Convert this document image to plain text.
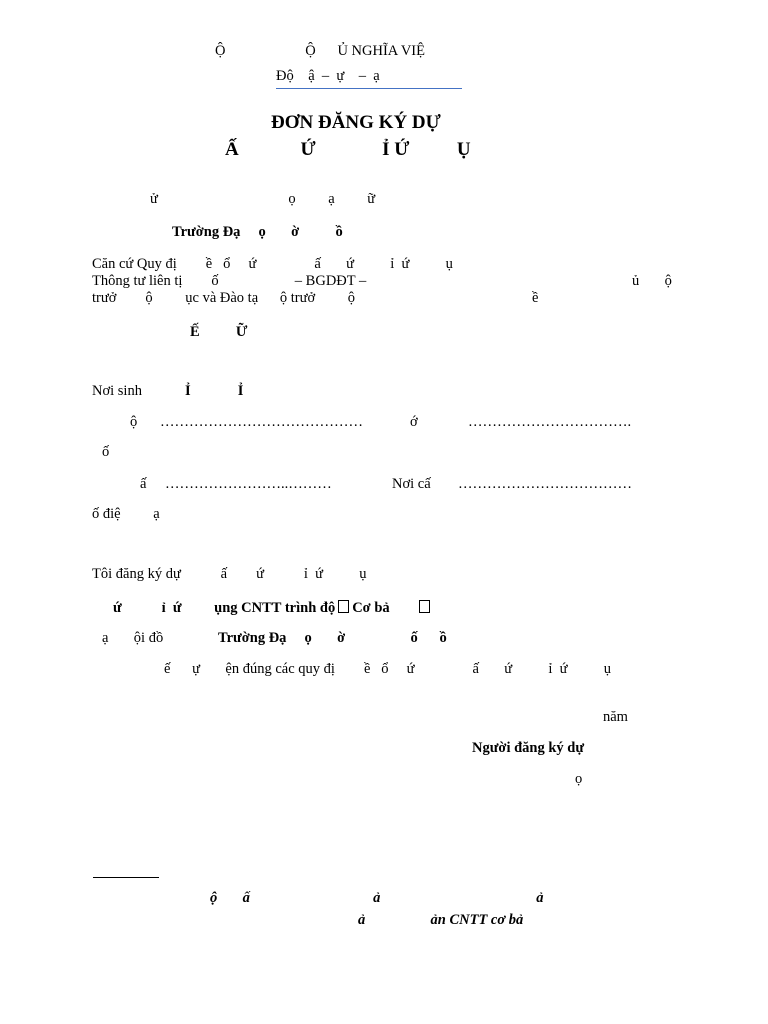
Ộ                      Ộ      Ủ NGHĨA VIỆ
Độ    ậ  –  ự    –  ạ
ĐƠN ĐĂNG KÝ DỰ
Ấ             Ứ              Ỉ Ứ          Ụ
ử                                    ọ         ạ         ữ
Trường Đạ     ọ       ờ          ồ
Căn cứ Quy đị        ề   ổ     ứ                ấ       ứ          ỉ  ứ          ụ
Thông tư liên tị        ố                     – BGDĐT –	ủ       ộ
trưở        ộ         ục và Đào tạ      ộ trưở         ộ	ề
Ế          Ữ
Nơi sinh	Ỉ             Ỉ
ộ ……………………………………	ớ	…………………………….
ố
ấ ……………………..………	Nơi cấ ………………………………
ố điệ         ạ
Tôi đăng ký dự           ấ        ứ           ỉ  ứ          ụ
ứ           ỉ  ứ         ụng CNTT trình độ Cơ bả
ạ       ội đồ	Trường Đạ     ọ       ờ                  ố      ồ
ế      ự       ện đúng các quy đị        ề   ổ     ứ                ấ       ứ          ỉ  ứ          ụ
năm
Người đăng ký dự
ọ
ộ       ấ                                  ả                                           ả
ả                  ản CNTT cơ bả
